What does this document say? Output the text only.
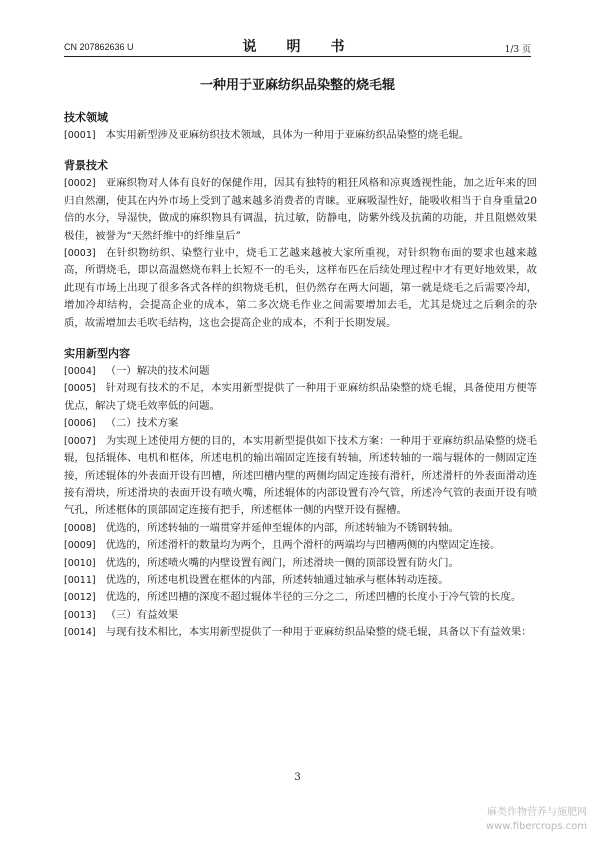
CN 207862636 U	说　明　书	1/3 页
一种用于亚麻纺织品染整的烧毛辊
技术领域
[0001] 本实用新型涉及亚麻纺织技术领域，具体为一种用于亚麻纺织品染整的烧毛辊。
背景技术
[0002] 亚麻织物对人体有良好的保健作用，因其有独特的粗狂风格和凉爽透视性能，加之近年来的回归自然潮，使其在内外市场上受到了越来越多消费者的青睐。亚麻吸湿性好，能吸收相当于自身重量20倍的水分，导湿快，做成的麻织物具有调温，抗过敏，防静电，防紫外线及抗菌的功能，并且阻燃效果极佳，被誉为“天然纤维中的纤维皇后”
[0003] 在针织物纺织、染整行业中，烧毛工艺越来越被大家所重视，对针织物布面的要求也越来越高，所谓烧毛，即以高温燃烧布料上长短不一的毛头，这样布匹在后续处理过程中才有更好地效果，故此现有市场上出现了很多各式各样的织物烧毛机，但仍然存在两大问题，第一就是烧毛之后需要冷却，增加冷却结构，会提高企业的成本，第二多次烧毛作业之间需要增加去毛，尤其是烧过之后剩余的杂质，故需增加去毛吹毛结构，这也会提高企业的成本，不利于长期发展。
实用新型内容
[0004] （一）解决的技术问题
[0005] 针对现有技术的不足，本实用新型提供了一种用于亚麻纺织品染整的烧毛辊，具备使用方便等优点，解决了烧毛效率低的问题。
[0006] （二）技术方案
[0007] 为实现上述使用方便的目的，本实用新型提供如下技术方案：一种用于亚麻纺织品染整的烧毛辊，包括辊体、电机和框体，所述电机的输出端固定连接有转轴，所述转轴的一端与辊体的一侧固定连接，所述辊体的外表面开设有凹槽，所述凹槽内壁的两侧均固定连接有滑杆，所述滑杆的外表面滑动连接有滑块，所述滑块的表面开设有喷火嘴，所述辊体的内部设置有冷气管，所述冷气管的表面开设有喷气孔，所述框体的顶部固定连接有把手，所述框体一侧的内壁开设有握槽。
[0008] 优选的，所述转轴的一端贯穿并延伸至辊体的内部，所述转轴为不锈钢转轴。
[0009] 优选的，所述滑杆的数量均为两个，且两个滑杆的两端均与凹槽两侧的内壁固定连接。
[0010] 优选的，所述喷火嘴的内壁设置有阀门，所述滑块一侧的顶部设置有防火门。
[0011] 优选的，所述电机设置在框体的内部，所述转轴通过轴承与框体转动连接。
[0012] 优选的，所述凹槽的深度不超过辊体半径的三分之二，所述凹槽的长度小于冷气管的长度。
[0013] （三）有益效果
[0014] 与现有技术相比，本实用新型提供了一种用于亚麻纺织品染整的烧毛辊，具备以下有益效果：
3
麻类作物营养与施肥网
www.fibercrops.com
